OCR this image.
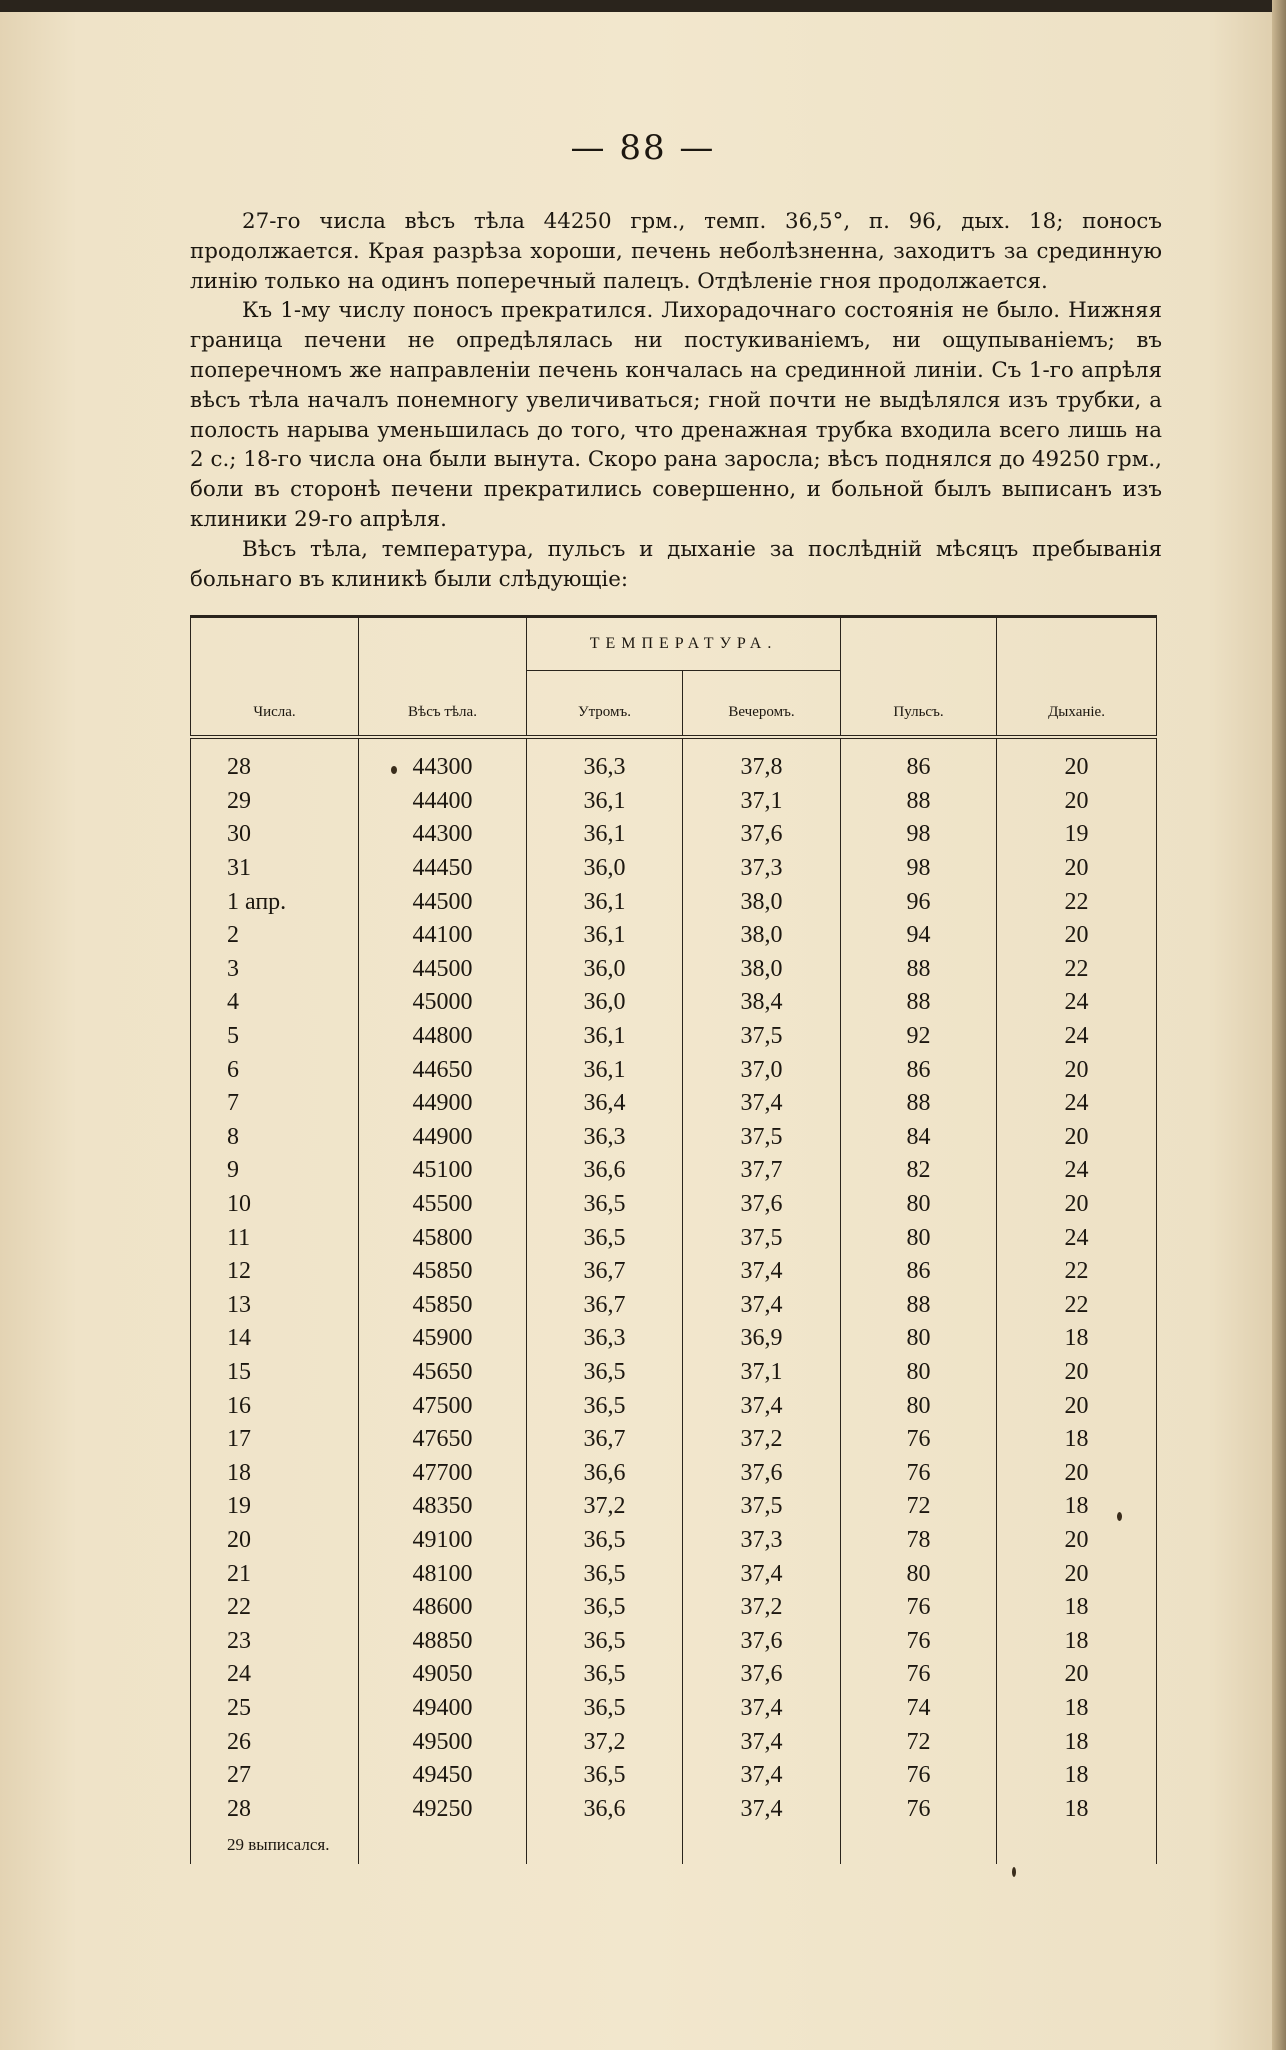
— 88 —

27-го числа вѣсъ тѣла 44250 грм., темп. 36,5°, п. 96, дых. 18; поносъ продолжается. Края разрѣза хороши, печень неболѣзненна, заходитъ за срединную линію только на одинъ поперечный палецъ. Отдѣленіе гноя продолжается.

Къ 1-му числу поносъ прекратился. Лихорадочнаго состоянія не было. Нижняя граница печени не опредѣлялась ни постукиваніемъ, ни ощупываніемъ; въ поперечномъ же направленіи печень кончалась на срединной линіи. Съ 1-го апрѣля вѣсъ тѣла началъ понемногу увеличиваться; гной почти не выдѣлялся изъ трубки, а полость нарыва уменьшилась до того, что дренажная трубка входила всего лишь на 2 с.; 18-го числа она были вынута. Скоро рана заросла; вѣсъ поднялся до 49250 грм., боли въ сторонѣ печени прекратились совершенно, и больной былъ выписанъ изъ клиники 29-го апрѣля.

Вѣсъ тѣла, температура, пульсъ и дыханіе за послѣдній мѣсяцъ пребыванія больнаго въ клиникѣ были слѣдующіе:

Числа.	Вѣсъ тѣла.	ТЕМПЕРАТУРА.		Пульсъ.	Дыханіе.
		Утромъ.	Вечеромъ.		
28	44300	36,3	37,8	86	20
29	44400	36,1	37,1	88	20
30	44300	36,1	37,6	98	19
31	44450	36,0	37,3	98	20
1 апр.	44500	36,1	38,0	96	22
2	44100	36,1	38,0	94	20
3	44500	36,0	38,0	88	22
4	45000	36,0	38,4	88	24
5	44800	36,1	37,5	92	24
6	44650	36,1	37,0	86	20
7	44900	36,4	37,4	88	24
8	44900	36,3	37,5	84	20
9	45100	36,6	37,7	82	24
10	45500	36,5	37,6	80	20
11	45800	36,5	37,5	80	24
12	45850	36,7	37,4	86	22
13	45850	36,7	37,4	88	22
14	45900	36,3	36,9	80	18
15	45650	36,5	37,1	80	20
16	47500	36,5	37,4	80	20
17	47650	36,7	37,2	76	18
18	47700	36,6	37,6	76	20
19	48350	37,2	37,5	72	18
20	49100	36,5	37,3	78	20
21	48100	36,5	37,4	80	20
22	48600	36,5	37,2	76	18
23	48850	36,5	37,6	76	18
24	49050	36,5	37,6	76	20
25	49400	36,5	37,4	74	18
26	49500	37,2	37,4	72	18
27	49450	36,5	37,4	76	18
28	49250	36,6	37,4	76	18
29 выписался.					
